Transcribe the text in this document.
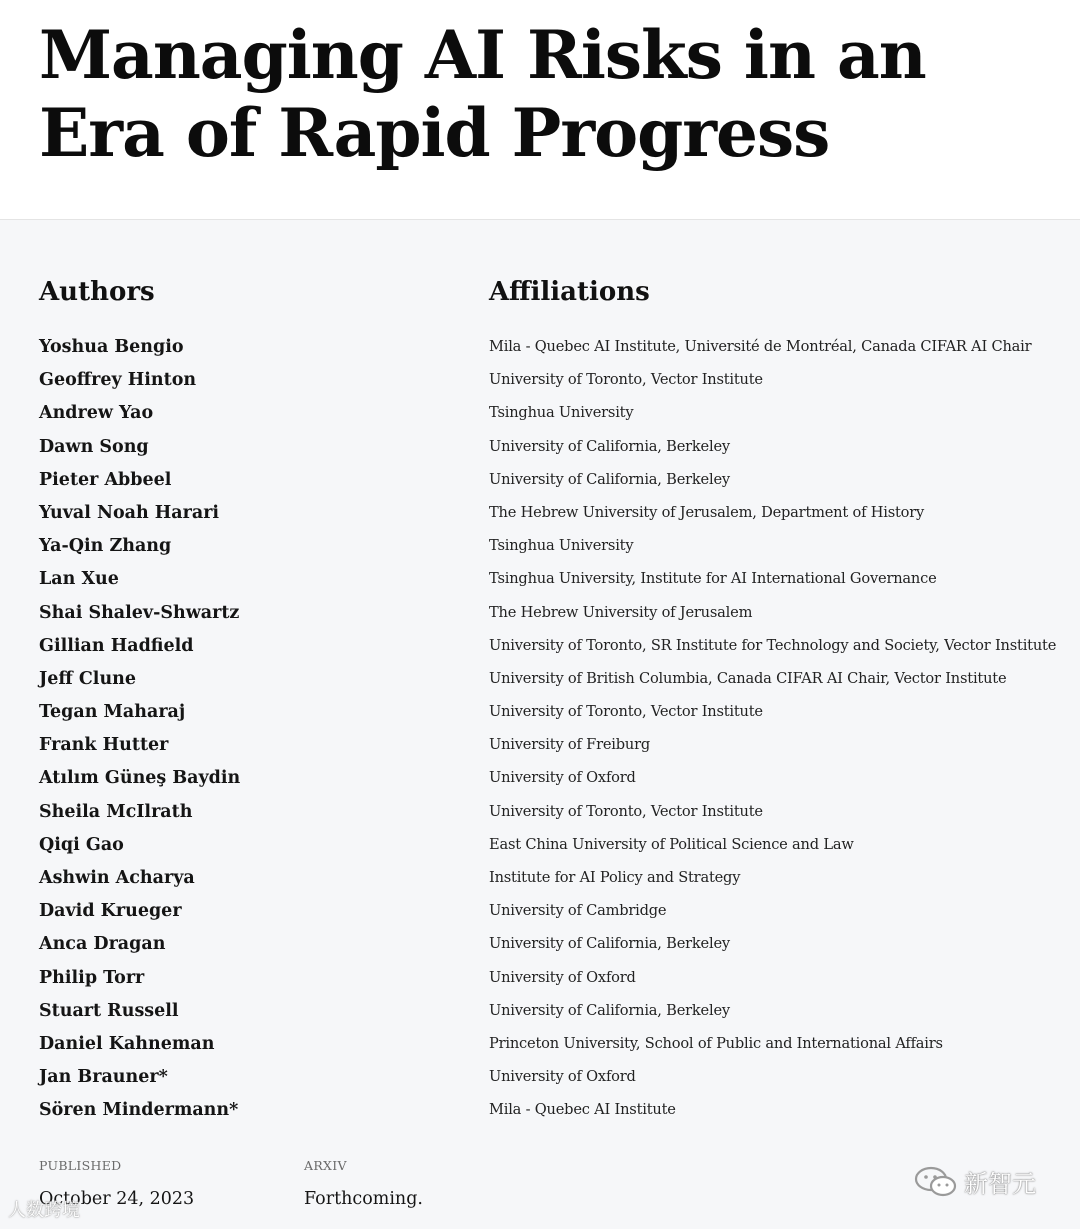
Managing AI Risks in an
Era of Rapid Progress
Authors	Affiliations
Yoshua Bengio	Mila - Quebec AI Institute, Université de Montréal, Canada CIFAR AI Chair
Geoffrey Hinton	University of Toronto, Vector Institute
Andrew Yao	Tsinghua University
Dawn Song	University of California, Berkeley
Pieter Abbeel	University of California, Berkeley
Yuval Noah Harari	The Hebrew University of Jerusalem, Department of History
Ya-Qin Zhang	Tsinghua University
Lan Xue	Tsinghua University, Institute for AI International Governance
Shai Shalev-Shwartz	The Hebrew University of Jerusalem
Gillian Hadfield	University of Toronto, SR Institute for Technology and Society, Vector Institute
Jeff Clune	University of British Columbia, Canada CIFAR AI Chair, Vector Institute
Tegan Maharaj	University of Toronto, Vector Institute
Frank Hutter	University of Freiburg
Atılım Güneş Baydin	University of Oxford
Sheila McIlrath	University of Toronto, Vector Institute
Qiqi Gao	East China University of Political Science and Law
Ashwin Acharya	Institute for AI Policy and Strategy
David Krueger	University of Cambridge
Anca Dragan	University of California, Berkeley
Philip Torr	University of Oxford
Stuart Russell	University of California, Berkeley
Daniel Kahneman	Princeton University, School of Public and International Affairs
Jan Brauner*	University of Oxford
Sören Mindermann*	Mila - Quebec AI Institute
PUBLISHED
October 24, 2023
ARXIV
Forthcoming.
人数跨境
新智元
